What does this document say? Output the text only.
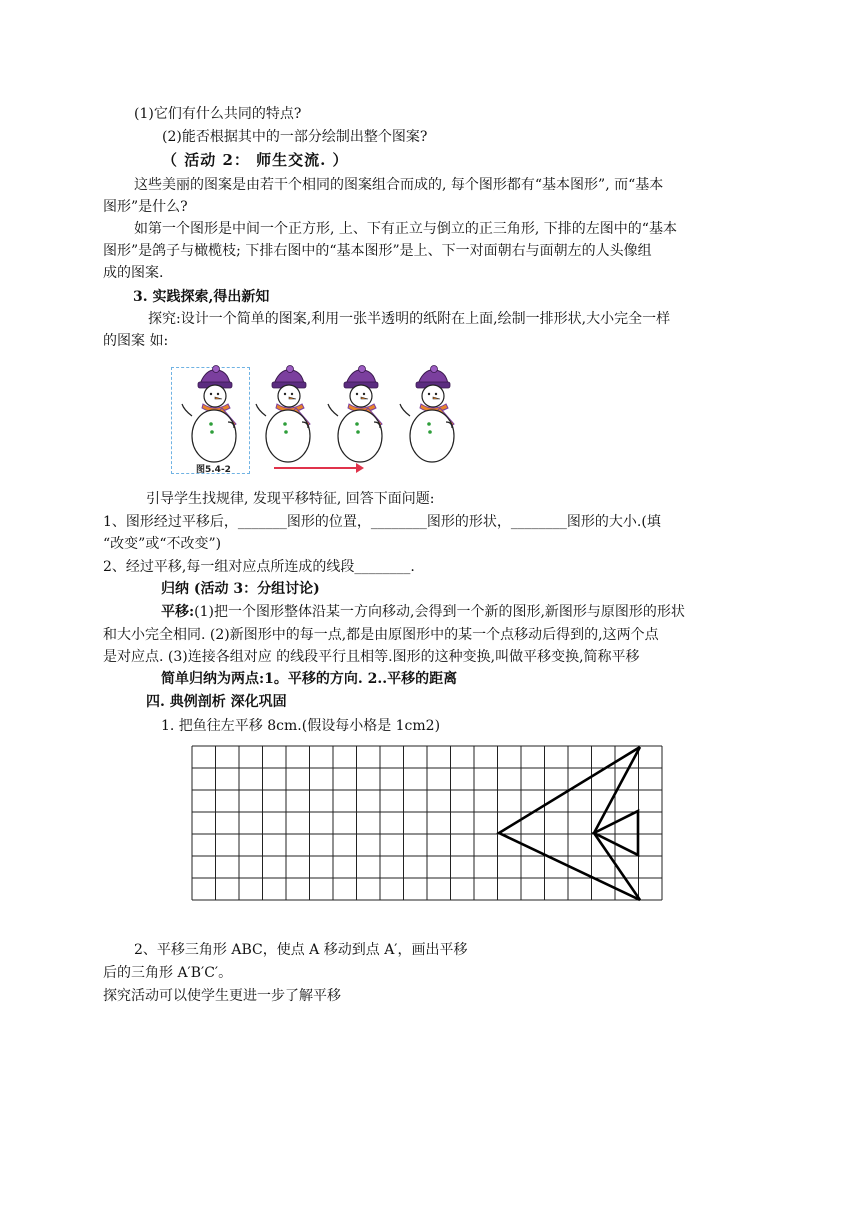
(1)它们有什么共同的特点?
(2)能否根据其中的一部分绘制出整个图案?
（ 活动 2： 师生交流. ）
这些美丽的图案是由若干个相同的图案组合而成的, 每个图形都有“基本图形”, 而“基本
图形”是什么?
如第一个图形是中间一个正方形, 上、下有正立与倒立的正三角形, 下排的左图中的“基本
图形”是鸽子与橄榄枝; 下排右图中的“基本图形”是上、下一对面朝右与面朝左的人头像组
成的图案.
3. 实践探索,得出新知
探究:设计一个简单的图案,利用一张半透明的纸附在上面,绘制一排形状,大小完全一样
的图案 如:
图5.4-2
引导学生找规律, 发现平移特征, 回答下面问题:
1、图形经过平移后，_______图形的位置，________图形的形状，________图形的大小.(填
“改变”或“不改变”)
2、经过平移,每一组对应点所连成的线段________.
归纳 (活动 3：分组讨论)
平移:(1)把一个图形整体沿某一方向移动,会得到一个新的图形,新图形与原图形的形状
和大小完全相同. (2)新图形中的每一点,都是由原图形中的某一个点移动后得到的,这两个点
是对应点. (3)连接各组对应 的线段平行且相等.图形的这种变换,叫做平移变换,简称平移
简单归纳为两点:1。平移的方向. 2..平移的距离
四. 典例剖析 深化巩固
1. 把鱼往左平移 8cm.(假设每小格是 1cm2)
2、平移三角形 ABC，使点 A 移动到点 A′，画出平移
后的三角形 A′B′C′。
探究活动可以使学生更进一步了解平移
